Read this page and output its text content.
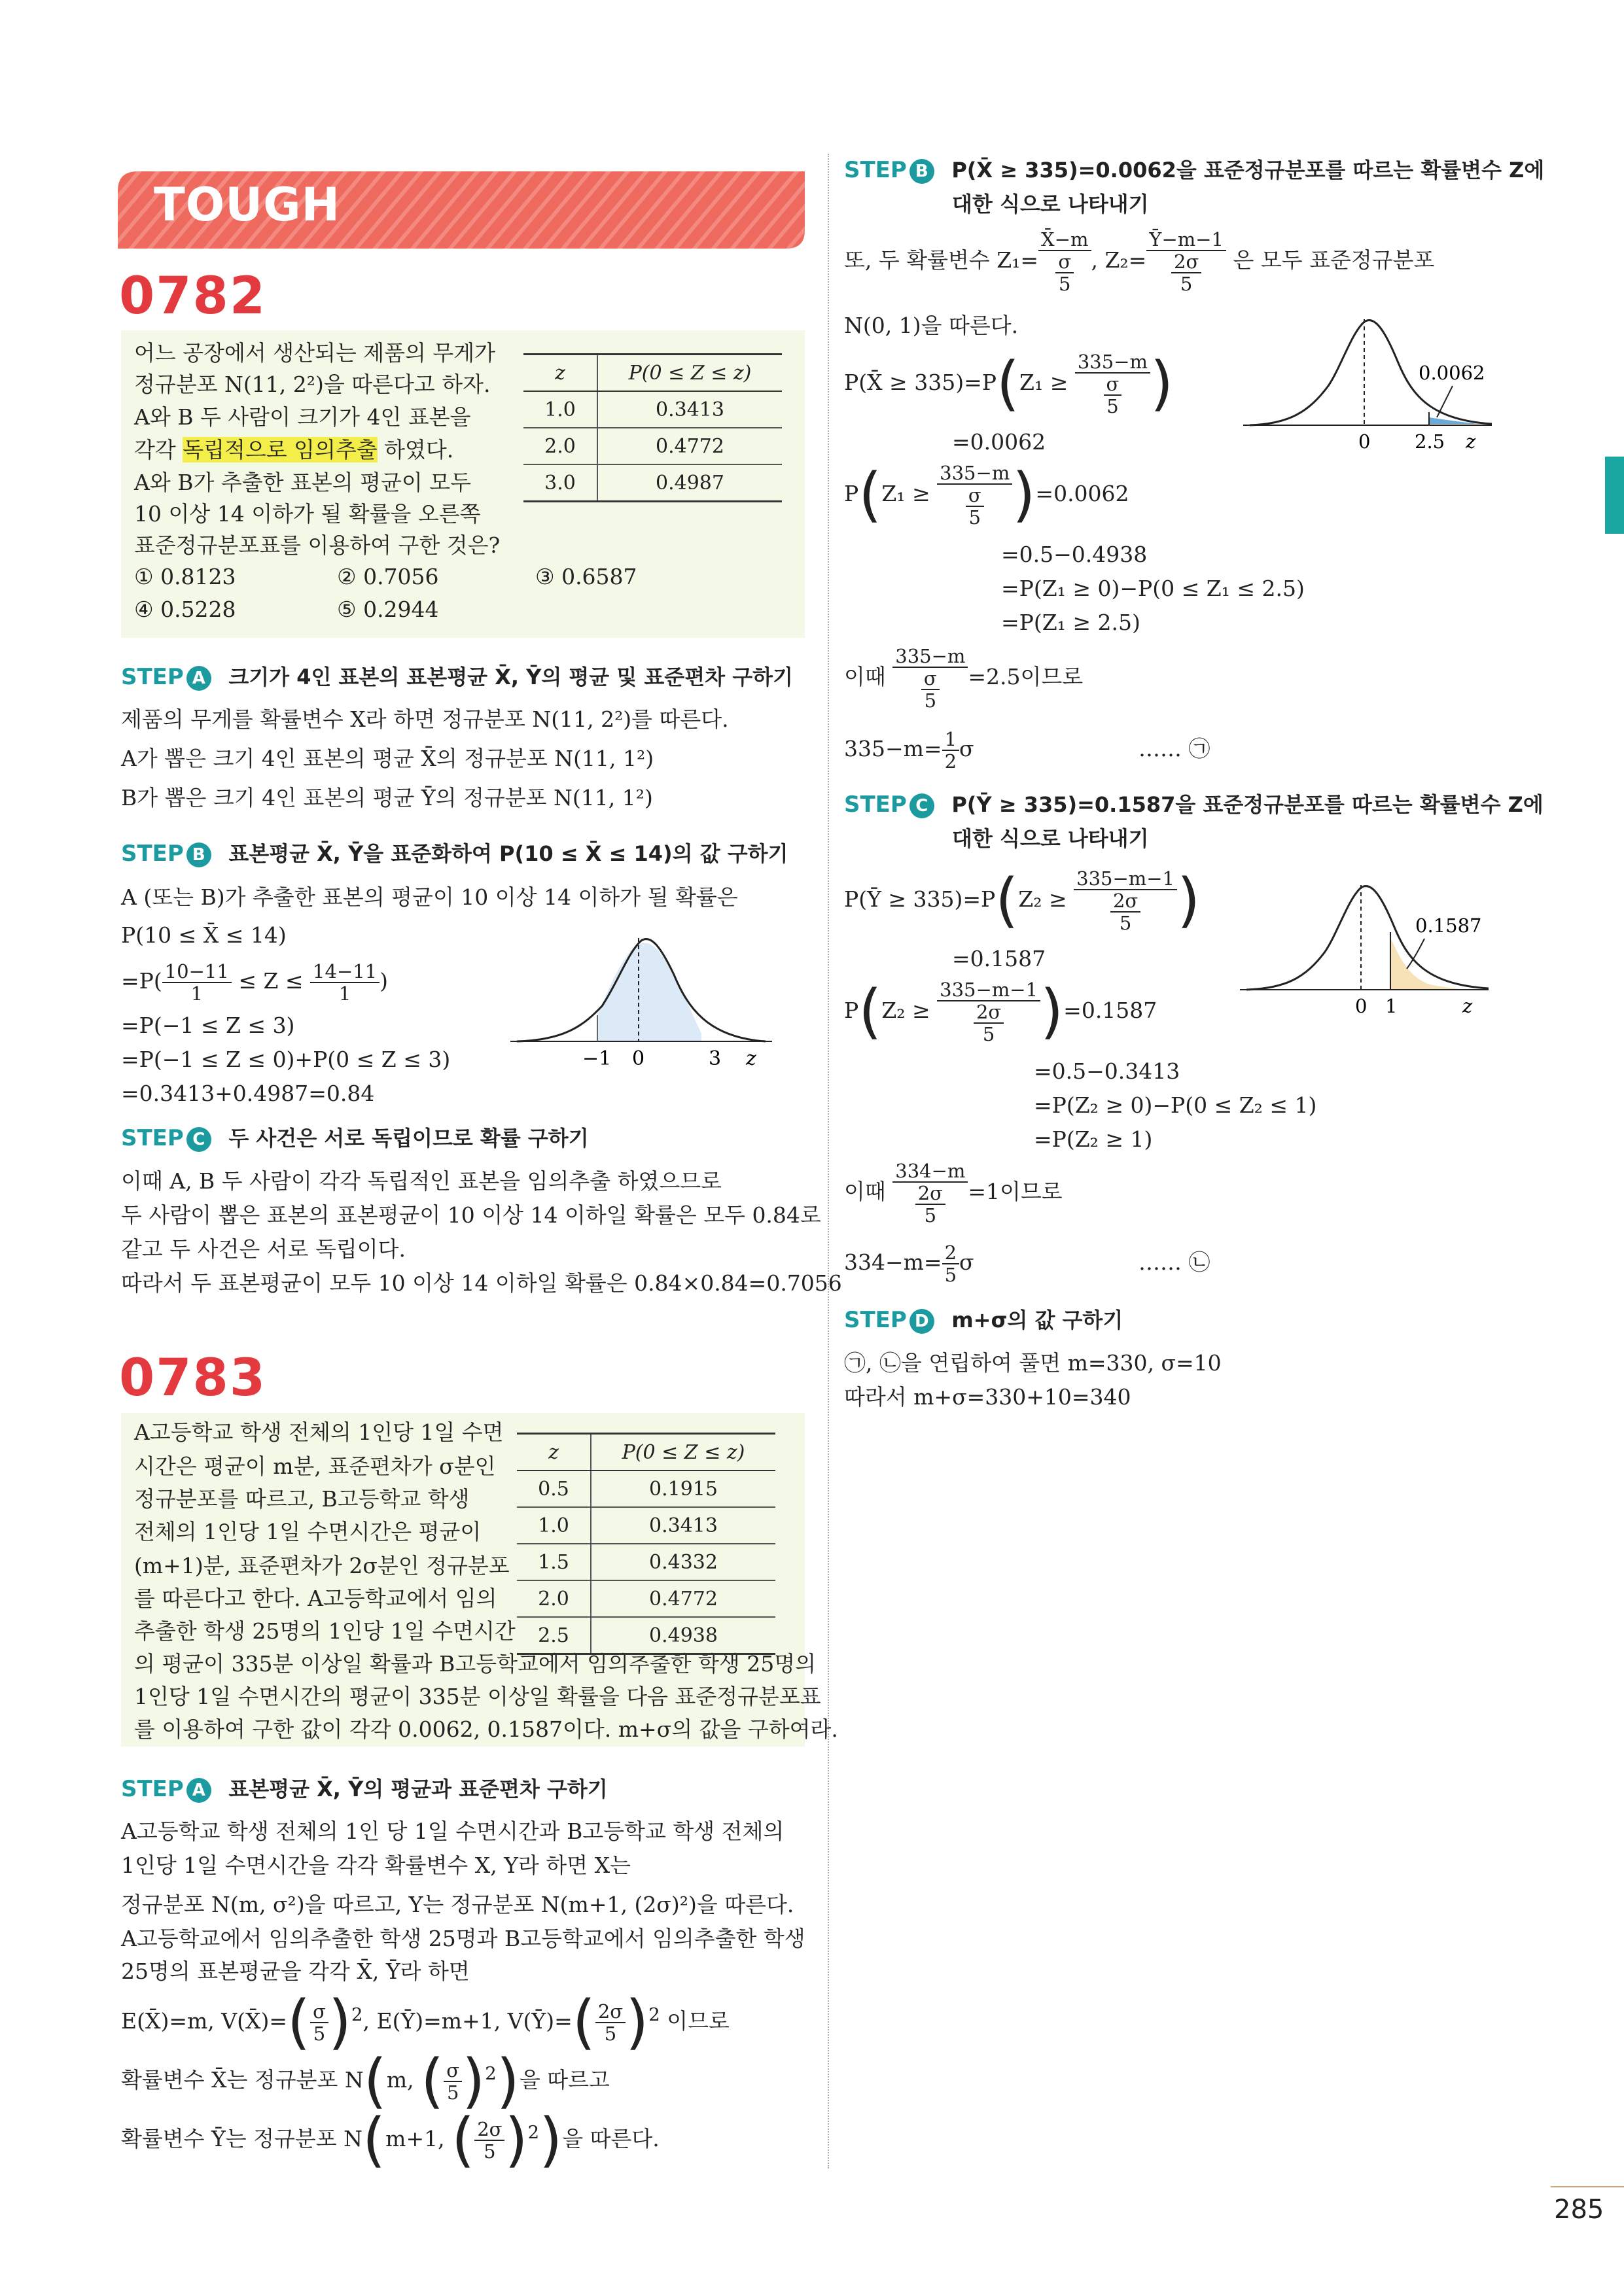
TOUGH
285
0782
어느 공장에서 생산되는 제품의 무게가
정규분포 N(11, 2²)을 따른다고 하자.
A와 B 두 사람이 크기가 4인 표본을
각각 독립적으로 임의추출 하였다.
A와 B가 추출한 표본의 평균이 모두
10 이상 14 이하가 될 확률을 오른쪽
표준정규분포표를 이용하여 구한 것은?
① 0.8123	② 0.7056	③ 0.6587
④ 0.5228	⑤ 0.2944
z	P(0 ≤ Z ≤ z)
1.0	0.3413
2.0	0.4772
3.0	0.4987
STEP A 크기가 4인 표본의 표본평균 X̄, Ȳ의 평균 및 표준편차 구하기
제품의 무게를 확률변수 X라 하면 정규분포 N(11, 2²)를 따른다.
A가 뽑은 크기 4인 표본의 평균 X̄의 정규분포 N(11, 1²)
B가 뽑은 크기 4인 표본의 평균 Ȳ의 정규분포 N(11, 1²)
STEP B 표본평균 X̄, Ȳ을 표준화하여 P(10 ≤ X̄ ≤ 14)의 값 구하기
A (또는 B)가 추출한 표본의 평균이 10 이상 14 이하가 될 확률은
P(10 ≤ X̄ ≤ 14)
$=P( \frac{10-11}{1} \le Z \le \frac{14-11}{1}$ )
=P(−1 ≤ Z ≤ 3)
=P(−1 ≤ Z ≤ 0)+P(0 ≤ Z ≤ 3)
=0.3413+0.4987=0.84
−1 0	3 z
STEP C 두 사건은 서로 독립이므로 확률 구하기
이때 A, B 두 사람이 각각 독립적인 표본을 임의추출 하였으므로
두 사람이 뽑은 표본의 표본평균이 10 이상 14 이하일 확률은 모두 0.84로
같고 두 사건은 서로 독립이다.
따라서 두 표본평균이 모두 10 이상 14 이하일 확률은 0.84×0.84=0.7056
0783
A고등학교 학생 전체의 1인당 1일 수면
시간은 평균이 m분, 표준편차가 σ분인
정규분포를 따르고, B고등학교 학생
전체의 1인당 1일 수면시간은 평균이
(m+1)분, 표준편차가 2σ분인 정규분포
를 따른다고 한다. A고등학교에서 임의
추출한 학생 25명의 1인당 1일 수면시간
의 평균이 335분 이상일 확률과 B고등학교에서 임의추출한 학생 25명의
1인당 1일 수면시간의 평균이 335분 이상일 확률을 다음 표준정규분포표
를 이용하여 구한 값이 각각 0.0062, 0.1587이다. m+σ의 값을 구하여라.
z	P(0 ≤ Z ≤ z)
0.5	0.1915
1.0	0.3413
1.5	0.4332
2.0	0.4772
2.5	0.4938
STEP A 표본평균 X̄, Ȳ의 평균과 표준편차 구하기
A고등학교 학생 전체의 1인 당 1일 수면시간과 B고등학교 학생 전체의
1인당 1일 수면시간을 각각 확률변수 X, Y라 하면 X는
정규분포 N(m, σ²)을 따르고, Y는 정규분포 N(m+1, (2σ)²)을 따른다.
A고등학교에서 임의추출한 학생 25명과 B고등학교에서 임의추출한 학생
25명의 표본평균을 각각 X̄, Ȳ라 하면
E(X̄)=m, V(X̄)=( $\frac{\sigma}{5} )^2$, E(Ȳ)=m+1, V(Ȳ)=( $\frac{2\sigma}{5} )^2$ 이므로
확률변수 X̄는 정규분포 N(m, ( $\frac{\sigma}{5} )^2$)을 따르고
확률변수 Ȳ는 정규분포 N(m+1, ( $\frac{2\sigma}{5} )^2$)을 따른다.
STEP B P(X̄ ≥ 335)=0.0062을 표준정규분포를 따르는 확률변수 Z에
대한 식으로 나타내기
또, 두 확률변수 $Z_1= \frac{X̄-m}{\frac{\sigma}{5}}$ , $Z_2= \frac{Ȳ-m-1}{\frac{2\sigma}{5}}$ 은 모두 표준정규분포
N(0, 1)을 따른다.
P(X̄ ≥ $335)=P(Z_1 \ge \frac{335-m}{\frac{\sigma}{5}}$ )
=0.0062
$P(Z_1 \ge \frac{335-m}{\frac{\sigma}{5}} )=0.0062$
=0.5−0.4938
=P(Z₁ ≥ 0)−P(0 ≤ Z₁ ≤ 2.5)
=P(Z₁ ≥ 2.5)
이때 $\frac{335-m}{\frac{\sigma}{5}} =2.5$이므로
$335-m= \frac{1}{2}$ σ	…… ㉠
0.0062
0 2.5 z
STEP C P(Ȳ ≥ 335)=0.1587을 표준정규분포를 따르는 확률변수 Z에
대한 식으로 나타내기
P(Ȳ ≥ $335)=P(Z_2 \ge \frac{335-m-1}{\frac{2\sigma}{5}}$ )
=0.1587
$P(Z_2 \ge \frac{335-m-1}{\frac{2\sigma}{5}} )=0.1587$
=0.5−0.3413
=P(Z₂ ≥ 0)−P(0 ≤ Z₂ ≤ 1)
=P(Z₂ ≥ 1)
이때 $\frac{334-m}{\frac{2\sigma}{5}} =1$이므로
$334-m= \frac{2}{5}$ σ	…… ㉡
0.1587
0 1	z
STEP D m+σ의 값 구하기
㉠, ㉡을 연립하여 풀면 m=330, σ=10
따라서 m+σ=330+10=340
